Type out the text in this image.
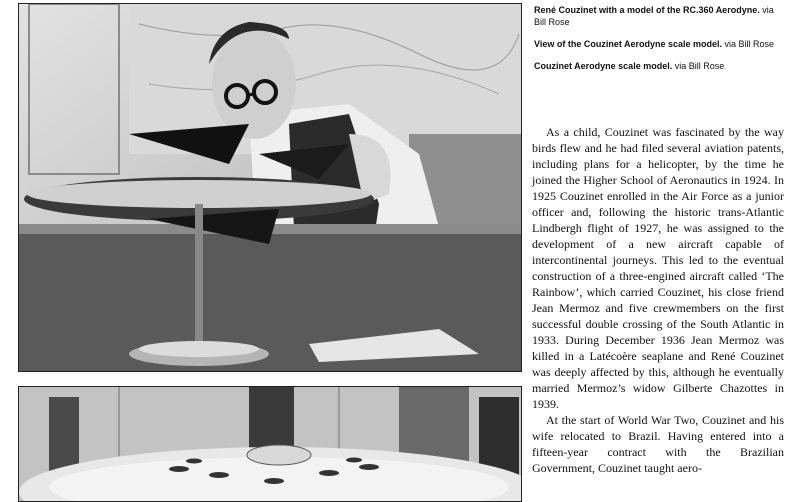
René Couzinet with a model of the RC.360 Aerodyne. via Bill Rose

View of the Couzinet Aerodyne scale model. via Bill Rose

Couzinet Aerodyne scale model. via Bill Rose

As a child, Couzinet was fascinated by the way birds flew and he had filed several aviation patents, including plans for a helicopter, by the time he joined the Higher School of Aeronautics in 1924. In 1925 Couzinet enrolled in the Air Force as a junior officer and, following the historic trans-Atlantic Lindbergh flight of 1927, he was assigned to the development of a new aircraft capable of intercontinental journeys. This led to the eventual construction of a three-engined aircraft called ‘The Rainbow’, which carried Couzinet, his close friend Jean Mermoz and five crewmembers on the first successful double crossing of the South Atlantic in 1933. During December 1936 Jean Mermoz was killed in a Latécoère seaplane and René Couzinet was deeply affected by this, although he eventually married Mermoz’s widow Gilberte Chazottes in 1939.

At the start of World War Two, Couzinet and his wife relocated to Brazil. Having entered into a fifteen-year contract with the Brazilian Government, Couzinet taught aero-
